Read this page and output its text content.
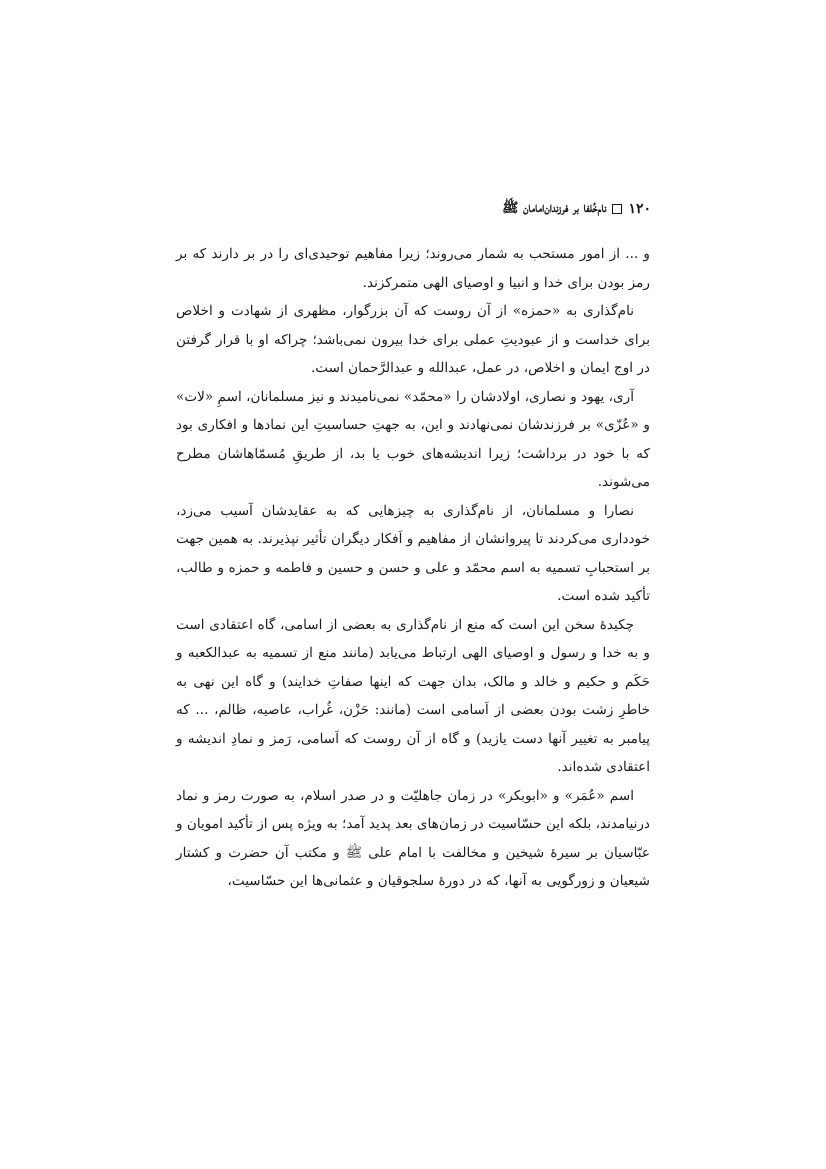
۱۲۰
نام‌خُلفا بر فرزندان‌امامان ﷺ

و ... از امور مستحب به شمار می‌روند؛ زیرا مفاهیم توحیدی‌ای را در بر دارند که بر رمز بودن برای خدا و انبیا و اوصیای الهی متمرکزند.

نام‌گذاری به «حمزه» از آن روست که آن بزرگوار، مظهری از شهادت و اخلاص برای خداست و از عبودیتِ عملی برای خدا بیرون نمی‌باشد؛ چراکه او با قرار گرفتن در اوج ایمان و اخلاص، در عمل، عبدالله و عبدالرَّحمان است.

آری، یهود و نصاری، اولادشان را «محمّد» نمی‌نامیدند و نیز مسلمانان، اسمِ «لات» و «عُزّی» بر فرزندشان نمی‌نهادند و این، به جهتِ حساسیتِ این نمادها و افکاری بود که با خود در برداشت؛ زیرا اندیشه‌های خوب یا بد، از طریقِ مُسمّاهاشان مطرح می‌شوند.

نصارا و مسلمانان، از نام‌گذاری به چیزهایی که به عقایدشان آسیب می‌زد، خودداری می‌کردند تا پیروانشان از مفاهیم و اَفکار دیگران تأثیر نپذیرند. به همین جهت بر استحبابِ تسمیه به اسم محمّد و علی و حسن و حسین و فاطمه و حمزه و طالب، تأکید شده است.

چکیدهٔ سخن این است که منع از نام‌گذاری به بعضی از اسامی، گاه اعتقادی است و به خدا و رسول و اوصیای الهی ارتباط می‌یابد (مانند منع از تسمیه به عبدالکعبه و حَکَم و حکیم و خالد و مالک، بدان جهت که اینها صفاتِ خدایند) و گاه این نهی به خاطرِ زشت بودن بعضی از اَسامی است (مانند: حَزْن، غُراب، عاصیه، ظالم، ... که پیامبر به تغییر آنها دست یازید) و گاه از آن روست که اَسامی، رَمز و نمادِ اندیشه و اعتقادی شده‌اند.

اسم «عُمَر» و «ابوبکر» در زمان جاهلیّت و در صدر اسلام، به صورت رمز و نماد درنیامدند، بلکه این حسّاسیت در زمان‌های بعد پدید آمد؛ به ویژه پس از تأکید امویان و عبّاسیان بر سیرهٔ شیخین و مخالفت با امام علی ﷺ و مکتب آن حضرت و کشتار شیعیان و زورگویی به آنها، که در دورهٔ سلجوقیان و عثمانی‌ها این حسّاسیت،
